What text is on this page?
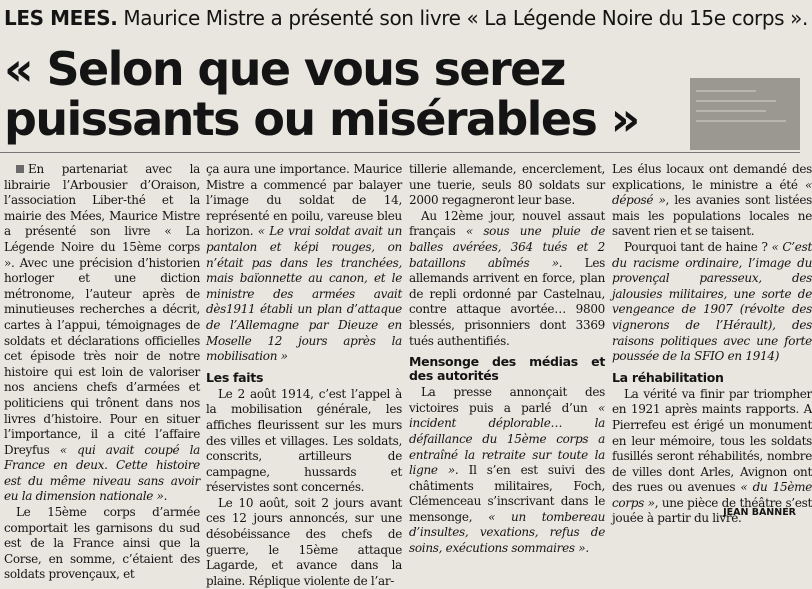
LES MEES. Maurice Mistre a présenté son livre « La Légende Noire du 15e corps ».
« Selon que vous serez
puissants ou misérables »

En partenariat avec la librairie l’Arbousier d’Oraison, l’association Liber-thé et la mairie des Mées, Maurice Mistre a présenté son livre « La Légende Noire du 15ème corps ». Avec une précision d’historien horloger et une diction métronome, l’auteur après de minutieuses recherches a décrit, cartes à l’appui, témoignages de soldats et déclarations officielles cet épisode très noir de notre histoire qui est loin de valoriser nos anciens chefs d’armées et politiciens qui trônent dans nos livres d’histoire. Pour en situer l’importance, il a cité l’affaire Dreyfus « qui avait coupé la France en deux. Cette histoire est du même niveau sans avoir eu la dimension nationale ».

Le 15ème corps d’armée comportait les garnisons du sud est de la France ainsi que la Corse, en somme, c’étaient des soldats provençaux, et

ça aura une importance. Maurice Mistre a commencé par balayer l’image du soldat de 14, représenté en poilu, vareuse bleu horizon. « Le vrai soldat avait un pantalon et képi rouges, on n’était pas dans les tranchées, mais baïonnette au canon, et le ministre des armées avait dès1911 établi un plan d’attaque de l’Allemagne par Dieuze en Moselle 12 jours après la mobilisation »

Les faits

Le 2 août 1914, c’est l’appel à la mobilisation générale, les affiches fleurissent sur les murs des villes et villages. Les soldats, conscrits, artilleurs de campagne, hussards et réservistes sont concernés.

Le 10 août, soit 2 jours avant ces 12 jours annoncés, sur une désobéissance des chefs de guerre, le 15ème attaque Lagarde, et avance dans la plaine. Réplique violente de l’ar-

tillerie allemande, encerclement, une tuerie, seuls 80 soldats sur 2000 regagneront leur base.

Au 12ème jour, nouvel assaut français « sous une pluie de balles avérées, 364 tués et 2 bataillons abîmés ». Les allemands arrivent en force, plan de repli ordonné par Castelnau, contre attaque avortée… 9800 blessés, prisonniers dont 3369 tués authentifiés.

Mensonge des médias et des autorités

La presse annonçait des victoires puis a parlé d’un « incident déplorable… la défaillance du 15ème corps a entraîné la retraite sur toute la ligne ». Il s’en est suivi des châtiments militaires, Foch, Clémenceau s’inscrivant dans le mensonge, « un tombereau d’insultes, vexations, refus de soins, exécutions sommaires ».

Les élus locaux ont demandé des explications, le ministre a été « déposé », les avanies sont listées mais les populations locales ne savent rien et se taisent.

Pourquoi tant de haine ? « C’est du racisme ordinaire, l’image du provençal paresseux, des jalousies militaires, une sorte de vengeance de 1907 (révolte des vignerons de l’Hérault), des raisons politiques avec une forte poussée de la SFIO en 1914)

La réhabilitation

La vérité va finir par triompher en 1921 après maints rapports. A Pierrefeu est érigé un monument en leur mémoire, tous les soldats fusillés seront réhabilités, nombre de villes dont Arles, Avignon ont des rues ou avenues « du 15ème corps », une pièce de théâtre s’est jouée à partir du livre.

JEAN BANNER
